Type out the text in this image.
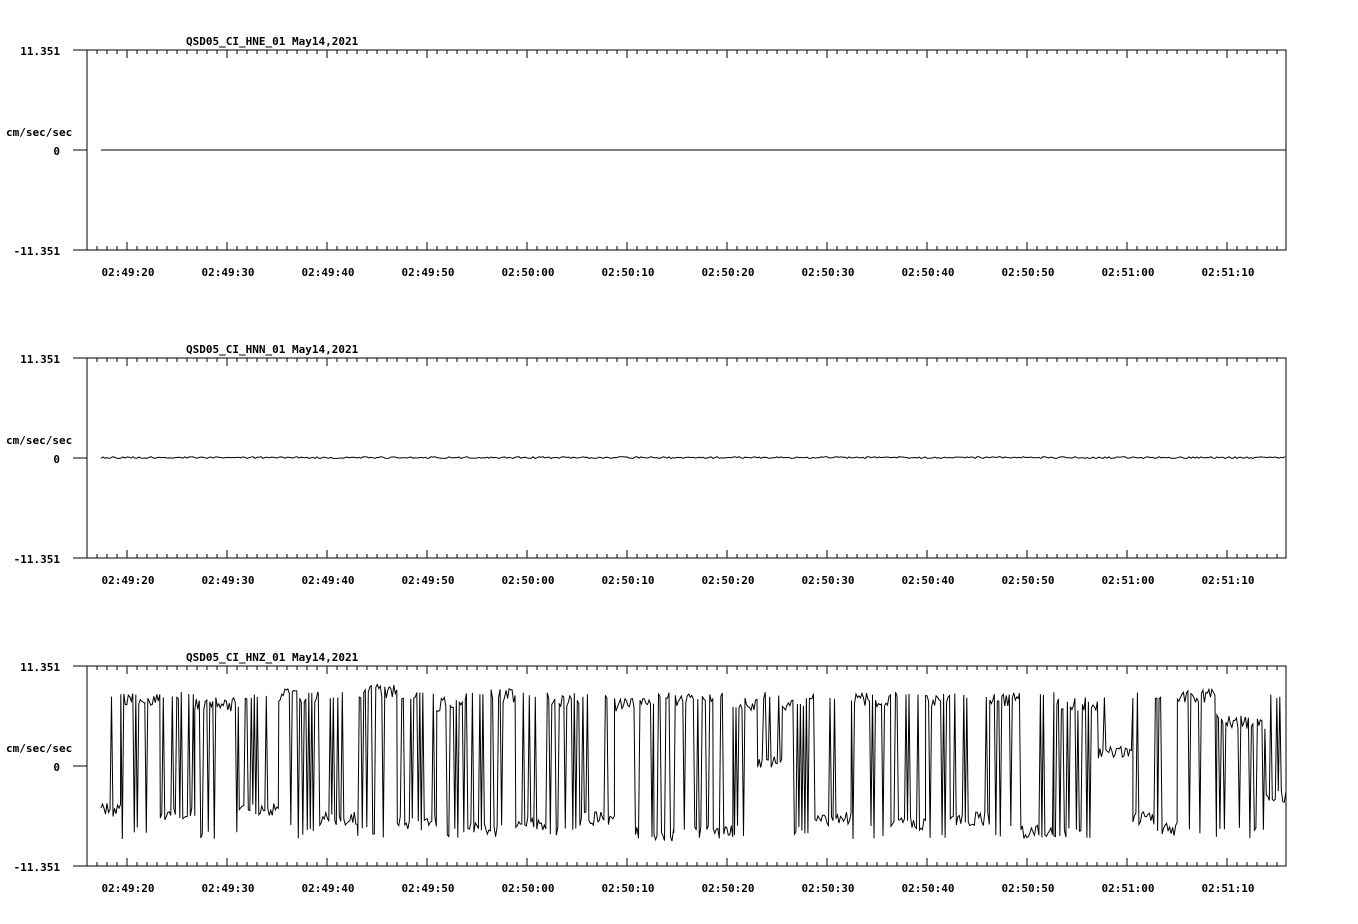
QSD05_CI_HNE_01 May14,2021
cm/sec/sec
11.351
0
-11.351
02:49:20	02:49:30	02:49:40	02:49:50	02:50:00	02:50:10	02:50:20	02:50:30	02:50:40	02:50:50	02:51:00	02:51:10
QSD05_CI_HNN_01 May14,2021
cm/sec/sec
11.351
0
-11.351
02:49:20	02:49:30	02:49:40	02:49:50	02:50:00	02:50:10	02:50:20	02:50:30	02:50:40	02:50:50	02:51:00	02:51:10
QSD05_CI_HNZ_01 May14,2021
cm/sec/sec
11.351
0
-11.351
02:49:20	02:49:30	02:49:40	02:49:50	02:50:00	02:50:10	02:50:20	02:50:30	02:50:40	02:50:50	02:51:00	02:51:10
